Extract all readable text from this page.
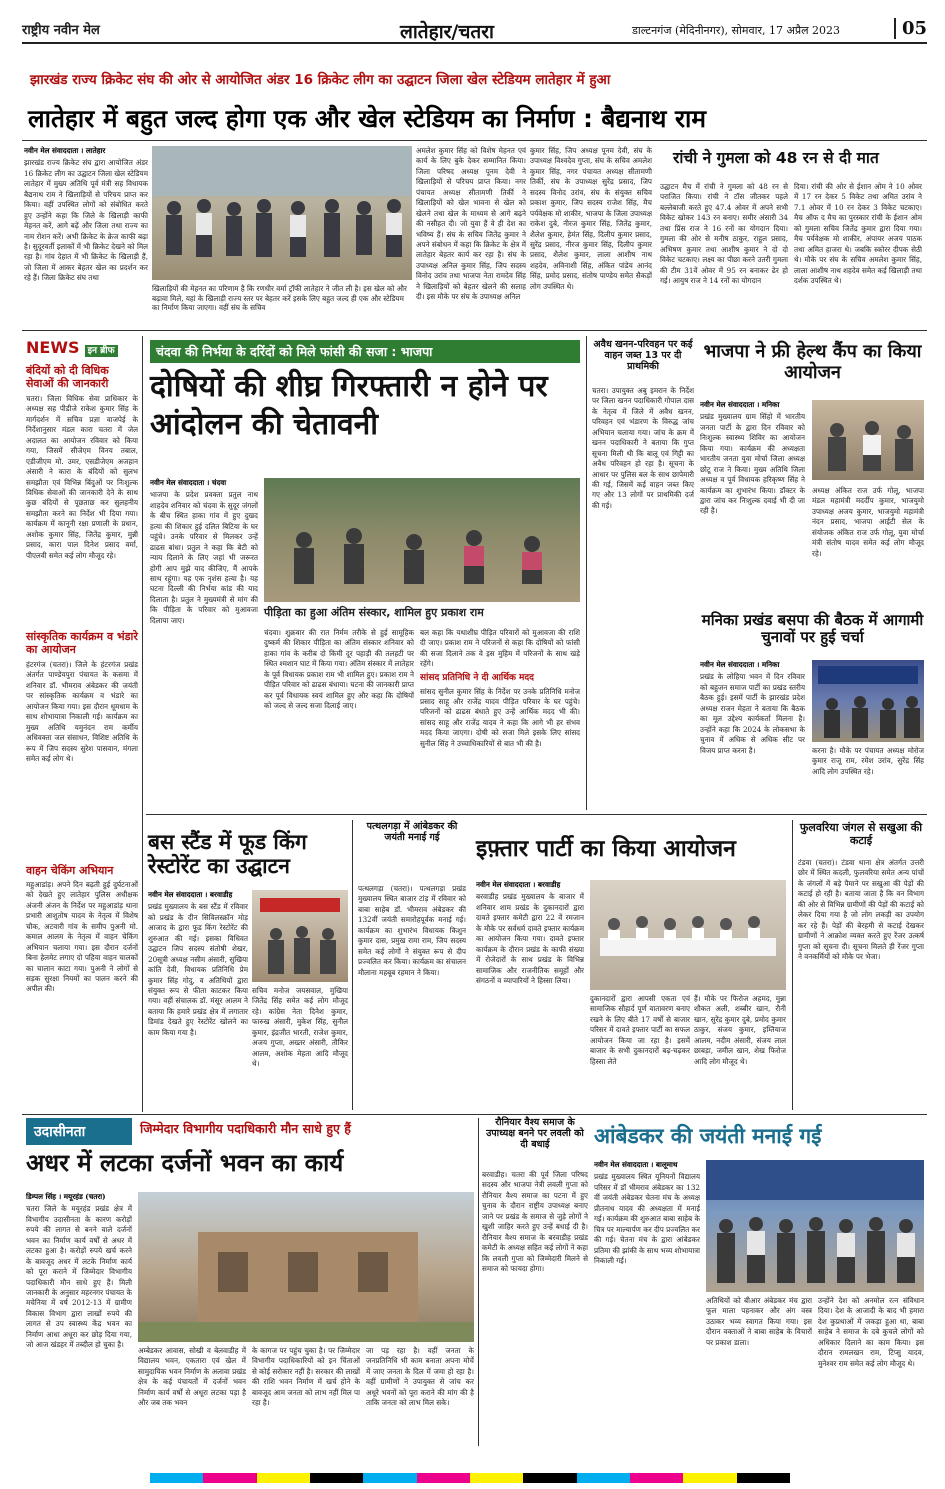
राष्ट्रीय नवीन मेल	लातेहार/चतरा	डाल्टनगंज (मेदिनीनगर), सोमवार, 17 अप्रैल 2023	05
झारखंड राज्य क्रिकेट संघ की ओर से आयोजित अंडर 16 क्रिकेट लीग का उद्घाटन जिला खेल स्टेडियम लातेहार में हुआ
लातेहार में बहुत जल्द होगा एक और खेल स्टेडियम का निर्माण : बैद्यनाथ राम

नवीन मेल संवाददाता । लातेहार

झारखंड राज्य क्रिकेट संघ द्वारा आयोजित अंडर 16 क्रिकेट लीग का उद्घाटन जिला खेल स्टेडियम लातेहार में मुख्य अतिथि पूर्व मंत्री सह विधायक बैद्यनाथ राम ने खिलाड़ियों से परिचय प्राप्त कर किया। वहीं उपस्थित लोगों को संबोधित करते हुए उन्होंने कहा कि जिले के खिलाड़ी काफी मेहनत करें, आगे बढ़ें और जिला तथा राज्य का नाम रोशन करें। अभी क्रिकेट के क्रेज काफी बढ़ा है। सुदूरवर्ती इलाकों में भी क्रिकेट देखने को मिल रहा है। गांव देहात में भी क्रिकेट के खिलाड़ी हैं, जो जिला में आकर बेहतर खेल का प्रदर्शन कर रहे हैं। जिला क्रिकेट संघ तथा

खिलाड़ियों की मेहनत का परिणाम है कि रणधीर वर्मा ट्रॉफी लातेहार ने जीत ली है। इस खेल को और बढ़ावा मिले, यहां के खिलाड़ी राज्य स्तर पर बेहतर करें इसके लिए बहुत जल्द ही एक और स्टेडियम का निर्माण किया जाएगा। वहीं संघ के सचिव
अमलेश कुमार सिंह को विशेष मेहनत एवं कार्य के लिए बुके देकर सम्मानित किया। जिला परिषद अध्यक्ष पूनम देवी ने खिलाड़ियों से परिचय प्राप्त किया। नगर पंचायत अध्यक्ष सीतामणी तिर्की ने खिलाड़ियों को खेल भावना से खेल को खेलने तथा खेल के माध्यम से आगे बढ़ने की नसीहत दी। जो युवा हैं वे ही देश का भविष्य हैं। संघ के सचिव जितेंद्र कुमार ने अपने संबोधन में कहा कि क्रिकेट के क्षेत्र में लातेहार बेहतर कार्य कर रहा है। संघ के उपाध्यक्ष अनिल कुमार सिंह, जिप सदस्य विनोद उरांव तथा भाजपा नेता रामदेव सिंह ने खिलाड़ियों को बेहतर खेलने की सलाह दी। इस मौके पर संघ के उपाध्यक्ष अनिल
कुमार सिंह, जिप अध्यक्ष पूनम देवी, संघ के उपाध्यक्ष विश्वदेव गुप्ता, संघ के सचिव अमलेश कुमार सिंह, नगर पंचायत अध्यक्ष सीतामणी तिर्की, संघ के उपाध्यक्ष सुरेंद्र प्रसाद, जिप सदस्य विनोद उरांव, संघ के संयुक्त सचिव प्रकाश कुमार, जिप सदस्य राजेश सिंह, मैच पर्यवेक्षक मो शाकीर, भाजपा के जिला उपाध्यक्ष राकेश दुबे, नीरज कुमार सिंह, जितेंद्र कुमार, शैलेश कुमार, हेमंत सिंह, दिलीप कुमार प्रसाद, सुरेंद्र प्रसाद, नीरज कुमार सिंह, दिलीप कुमार प्रसाद, शैलेश कुमार, लाला आशीष नाथ शहदेव, अविनाशी सिंह, अंकित पांडेय आनंद सिंह, प्रमोद प्रसाद, संतोष पाण्डेय समेत सैकड़ों लोग उपस्थित थे।
रांची ने गुमला को 48 रन से दी मात
उद्घाटन मैच में रांची ने गुमला को 48 रन से पराजित किया। रांची ने टॉस जीतकर पहले बल्लेबाजी करते हुए 47.4 ओवर में अपने सभी विकेट खोकर 143 रन बनाए। समीर अंसारी 34 तथा प्रिंस राज ने 16 रनों का योगदान दिया। गुमला की ओर से मनीष ठाकुर, राहुल प्रसाद, अभिषण कुमार तथा आशीष कुमार ने दो दो विकेट चटकाए। लक्ष्य का पीछा करने उतरी गुमला की टीम 31वें ओवर में 95 रन बनाकर ढेर हो गई। आयुष राज ने 14 रनों का योगदान
दिया। रांची की ओर से ईशान ओम ने 10 ओवर में 17 रन देकर 5 विकेट तथा अमित उरांव ने 7.1 ओवर में 10 रन देकर 3 विकेट चटकाए। मैच ऑफ द मैच का पुरस्कार रांची के ईशान ओम को गुमला सचिव जितेंद्र कुमार द्वारा दिया गया। मैच पर्यवेक्षक मो शाकीर, अंपायर अजय पाठक तथा अमित हाजरा थे। जबकि स्कोरर दीपक सेठी थे। मौके पर संघ के सचिव अमलेश कुमार सिंह, लाला आशीष नाथ शहदेव समेत कई खिलाड़ी तथा दर्शक उपस्थित थे।
NEWS इन ब्रीफ
बंदियों को दी विधिक सेवाओं की जानकारी
चतरा। जिला विधिक सेवा प्राधिकार के अध्यक्ष सह पीडीजे राकेश कुमार सिंह के मार्गदर्शन में सचिव प्रज्ञा वाजपेई के निर्देशानुसार मंडल कारा चतरा में जेल अदालत का आयोजन रविवार को किया गया, जिसमें सीजेएम विनय तबाल, एडीजीएम मो. उमर, एसडीजेएम अजहान अंसारी ने कारा के बंदियों को सुलभ समझौता एवं विभिन्न बिंदुओं पर निःशुल्क विधिक सेवाओं की जानकारी देने के साथ कुछ बंदियों से पूछताछ कर सुलहनीय समझौता करने का निर्देश भी दिया गया। कार्यक्रम में कानूनी रक्षा प्रणाली के प्रधान, अशोक कुमार सिंह, जितेंद्र कुमार, मुन्नी प्रसाद, कारा पाल दिनेश प्रसाद वर्मा, पीएलवी समेत कई लोग मौजूद रहे।
सांस्कृतिक कार्यक्रम व भंडारे का आयोजन
हंटरगंज (चतरा)। जिले के हंटरगंज प्रखंड अंतर्गत पाण्डेयपुरा पंचायत के कसमा में शनिवार डॉ. भीमराव अंबेडकर की जयंती पर सांस्कृतिक कार्यक्रम व भंडारे का आयोजन किया गया। इस दौरान धूमधाम के साथ शोभायात्रा निकाली गई। कार्यक्रम का मुख्य अतिथि यमुनंदन राम कर्मीय अधिवक्ता जल संसाधन, विशिष्ट अतिथि के रूप में जिप सदस्य सुरेश पासवान, मंगला समेत कई लोग थे।
वाहन चेकिंग अभियान
महुआडांड़। अपने दिन बढ़ती हुई दुर्घटनाओं को देखते हुए लातेहार पुलिस अधीक्षक अंजनी अंजन के निर्देश पर महुआडांड़ थाना प्रभारी आशुतोष यादव के नेतृत्व में विशेष चौक, अटवारी गांव के समीप पुअनी मो. कमाल आलम के नेतृत्व में वाहन चेकिंग अभियान चलाया गया। इस दौरान दर्जनों बिना हेलमेट लगाए दो पहिया वाहन चालकों का चालान काटा गया। पुअनी ने लोगों से सड़क सुरक्षा नियमों का पालन करने की अपील की।
चंदवा की निर्भया के दरिंदों को मिले फांसी की सजा : भाजपा
दोषियों की शीघ्र गिरफ्तारी न होने पर आंदोलन की चेतावनी

नवीन मेल संवाददाता । चंदवा

भाजपा के प्रदेश प्रवक्ता प्रतुल नाथ शाहदेव शनिवार को चंदवा के सुदूर जंगलों के बीच स्थित हाका गांव में हुए दुखद हत्या की शिकार हुई दलित बिटिया के घर पहुंचे। उनके परिवार से मिलकर उन्हें ढाढस बांधा। प्रतुल ने कहा कि बेटी को न्याय दिलाने के लिए जहां भी जरूरत होगी आप मुझे याद कीजिए, मैं आपके साथ रहूंगा। यह एक नृशंस हत्या है। यह घटना दिल्ली की निर्भया कांड की याद दिलाता है। प्रतुल ने मुख्यमंत्री से मांग की कि पीड़िता के परिवार को मुआवजा दिलाया जाए।

पीड़िता का हुआ अंतिम संस्कार, शामिल हुए प्रकाश राम
चंदवा। शुक्रवार की रात निर्मम तरीके से हुई सामूहिक दुष्कर्म की शिकार पीड़िता का अंतिम संस्कार शनिवार को हाका गांव के करीब दो किमी दूर पहाड़ी की तलहटी पर स्थित श्मशान घाट में किया गया। अंतिम संस्कार में लातेहार के पूर्व विधायक प्रकाश राम भी शामिल हुए। प्रकाश राम ने पीड़ित परिवार को ढाढस बंधाया। घटना की जानकारी प्राप्त कर पूर्व विधायक स्वयं शामिल हुए और कहा कि दोषियों को जल्द से जल्द सजा दिलाई जाए।

बल कहा कि यथाशीघ्र पीड़ित परिवारों को मुआवजा की राशि दी जाए। प्रकाश राम ने परिजनों से कहा कि दोषियों को फांसी की सजा दिलाने तक वे इस मुहिम में परिजनों के साथ खड़े रहेंगे।

सांसद प्रतिनिधि ने दी आर्थिक मदद

सांसद सुनील कुमार सिंह के निर्देश पर उनके प्रतिनिधि मनोज प्रसाद साहू और राजेंद्र यादव पीड़ित परिवार के घर पहुंचे। परिजनों को ढाढस बंधाते हुए उन्हें आर्थिक मदद भी की। सांसद साहू और राजेंद्र यादव ने कहा कि आगे भी हर संभव मदद किया जाएगा। दोषी को सजा मिले इसके लिए सांसद सुनील सिंह ने उच्चाधिकारियों से बात भी की है।

अवैध खनन-परिवहन पर कई वाहन जब्त 13 पर दी प्राथमिकी
चतरा। उपायुक्त अबु इमरान के निर्देश पर जिला खनन पदाधिकारी गोपाल दास के नेतृत्व में जिले में अवैध खनन, परिवहन एवं भंडारण के विरुद्ध जांच अभियान चलाया गया। जांच के क्रम में खनन पदाधिकारी ने बताया कि गुप्त सूचना मिली थी कि बालू एवं गिट्टी का अवैध परिवहन हो रहा है। सूचना के आधार पर पुलिस बल के साथ छापेमारी की गई, जिसमें कई वाहन जब्त किए गए और 13 लोगों पर प्राथमिकी दर्ज की गई।
भाजपा ने फ्री हेल्थ कैंप का किया आयोजन

नवीन मेल संवाददाता । मनिका

प्रखंड मुख्यालय ग्राम सिंहो में भारतीय जनता पार्टी के द्वारा दिन रविवार को निःशुल्क स्वास्थ्य शिविर का आयोजन किया गया। कार्यक्रम की अध्यक्षता भारतीय जनता युवा मोर्चा जिला अध्यक्ष छोटू राज ने किया। मुख्य अतिथि जिला अध्यक्ष व पूर्व विधायक हरिकृष्ण सिंह ने कार्यक्रम का शुभारंभ किया। डॉक्टर के द्वारा जांच कर निःशुल्क दवाई भी दी जा रही है।

अध्यक्ष अंकित राज उर्फ गोलू, भाजपा मंडल महामंत्री मदर्दीप कुमार, भाजयुमो उपाध्यक्ष अजय कुमार, भाजयुमो महामंत्री नंदन प्रसाद, भाजपा आईटी सेल के संयोजक अंकित राज उर्फ गोलू, युवा मोर्चा मंत्री संतोष यादव समेत कई लोग मौजूद रहे।
मनिका प्रखंड बसपा की बैठक में आगामी चुनावों पर हुई चर्चा

नवीन मेल संवाददाता । मनिका

प्रखंड के लोहिया भवन में दिन रविवार को बहुजन समाज पार्टी का प्रखंड स्तरीय बैठक हुई। इसमें पार्टी के झारखंड प्रदेश अध्यक्ष राजन मेहता ने बताया कि बैठक का मूल उद्देश्य कार्यकर्ता मिलना है। उन्होंने कहा कि 2024 के लोकसभा के चुनाव में अधिक से अधिक सीट पर विजय प्राप्त करना है।	करना है। मौके पर पंचायत अध्यक्ष मोरोज कुमार राजू राम, रमेश उरांव, सुरेंद्र सिंह आदि लोग उपस्थित रहे।
बस स्टैंड में फूड किंग रेस्टोरेंट का उद्घाटन

नवीन मेल संवाददाता । बरवाडीह

प्रखंड मुख्यालय के बस स्टैंड में रविवार को प्रखंड के दीन सिविलस्क्रॉन मोड़ आजाद के द्वारा फूड किंग रेस्टोरेंट की शुरुआत की गई। इसका विधिवत उद्घाटन जिप सदस्य संतोषी शेखर, 20सूत्री अध्यक्ष नसीम अंसारी, सुखिया कांति देवी, विधायक प्रतिनिधि प्रेम कुमार सिंह गोदु, व अतिथियों द्वारा संयुक्त रूप से फीता काटकर किया गया। वहीं संचालक डॉ. मंसूर आलम ने बताया कि हमारे प्रखंड क्षेत्र में लगातार डिमांड देखते हुए रेस्टोरेंट खोलने का काम किया गया है।

सचिव मनोज जयसवाल, मुखिया जितेंद्र सिंह समेत कई लोग मौजूद रहे। कांग्रेस नेता दिनेश कुमार, फारुख अंसारी, मुकेश सिंह, सुनील कुमार, इंद्रजीत भारती, राजेश कुमार, अजय गुप्ता, अख्तर अंसारी, तौकिर आलम, अशोक मेहता आदि मौजूद थे।
पत्थलगड़ा में आंबेडकर की जयंती मनाई गई
पत्थलगड़ा (चतरा)। पत्थलगड़ा प्रखंड मुख्यालय स्थित बाजार टांड़ में रविवार को बाबा साहेब डॉ. भीमराव अंबेडकर की 132वीं जयंती समारोहपूर्वक मनाई गई। कार्यक्रम का शुभारंभ विधायक किशुन कुमार दास, प्रमुख रामा राम, जिप सदस्य समेत कई लोगों ने संयुक्त रूप से दीप प्रज्वलित कर किया। कार्यक्रम का संचालन मौलाना महबूब रहमान ने किया।
इफ़्तार पार्टी का किया आयोजन

नवीन मेल संवाददाता । बरवाडीह

बरवाडीह प्रखंड मुख्यालय के बाजार में शनिवार शाम प्रखंड के दुकानदारों द्वारा दावते इफ्तार कमेटी द्वारा 22 वें रमजान के मौके पर सर्वधर्म दावते इफ्तार कार्यक्रम का आयोजन किया गया। दावते इफ्तार कार्यक्रम के दौरान प्रखंड के काफी संख्या में रोजेदारों के साथ प्रखंड के विभिन्न सामाजिक और राजनीतिक समूहों और संगठनों व व्यापारियों ने हिस्सा लिया।

दुकानदारों द्वारा आपसी एकता एवं सामाजिक सौहार्द पूर्ण वातावरण बनाए रखने के लिए बीते 17 वर्षों से बाजार परिसर में दावते इफ्तार पार्टी का सफल आयोजन किया जा रहा है। इसमें बाजार के सभी दुकानदारों बढ़-चढ़कर हिस्सा लेते
हैं। मौके पर फिरोज अहमद, मुन्ना शौकत अली, शब्बीर खान, रौनी खान, सुरेंद्र कुमार दुबे, प्रमोद कुमार ठाकुर, संजय कुमार, इम्तियाज आलम, नदीम अंसारी, संजय लाल छाबड़ा, जमील खान, शेख फिरोज आदि लोग मौजूद थे।
फुलवरिया जंगल से सखुआ की कटाई
टंडवा (चतरा)। टंडवा थाना क्षेत्र अंतर्गत उत्तरी छोर में स्थित कदली, फुलवरिया समेत अन्य पांचों के जंगलों में बड़े पैमाने पर सखुआ की पेड़ों की कटाई हो रही है। बताया जाता है कि वन विभाग की ओर से विभिन्न ग्रामीणों की पेड़ों की कटाई को लेकर दिया गया है जो लोग लकड़ी का उपयोग कर रहे हैं। पेड़ों की बेरहमी से कटाई देखकर ग्रामीणों ने आक्रोश व्यक्त करते हुए रेंजर उत्कर्ष गुप्ता को सूचना दी। सूचना मिलते ही रेंजर गुप्ता ने वनकर्मियों को मौके पर भेजा।
उदासीनता	जिम्मेदार विभागीय पदाधिकारी मौन साधे हुए हैं
अधर में लटका दर्जनों भवन का कार्य

डिम्पल सिंह । मयूरहंड (चतरा)

चतरा जिले के मयूरहंड प्रखंड क्षेत्र में विभागीय उदासीनता के कारण करोड़ों रुपये की लागत से बनने वाले दर्जनों भवन का निर्माण कार्य वर्षों से अधर में लटका हुआ है। करोड़ों रुपये खर्च करने के बावजूद अधर में लटके निर्माण कार्य को पूरा कराने में जिम्मेदार विभागीय पदाधिकारी मौन साधे हुए हैं। मिली जानकारी के अनुसार महरनगर पंचायत के मचेनिया में वर्ष 2012-13 में ग्रामीण विकास विभाग द्वारा लाखों रुपये की लागत से उप स्वास्थ्य केंद्र भवन का निर्माण आधा अधूरा कर छोड़ दिया गया, जो आज खंडहर में तब्दील हो चुका है।

अम्बेडकर आवास, सोखी व बेलवाडीह में विद्यालय भवन, एकतारा एवं खेल में सामुदायिक भवन निर्माण के अलावा प्रखंड क्षेत्र के कई पंचायतों में दर्जनों भवन निर्माण कार्य वर्षों से अधूरा लटका पड़ा है और जब तक भवन
के कागज पर पहुंच चुका है। पर जिम्मेदार विभागीय पदाधिकारियों को इन चिंताओं से कोई सरोकार नहीं है। सरकार की लाखों की राशि भवन निर्माण में खर्च होने के बावजूद आम जनता को लाभ नहीं मिल पा रहा है।
जा पड़ रहा है। वहीं जनता के जनप्रतिनिधि भी काम बनाता अपना मोर्चे में जाए जनता के दिल में जमा हो रहा है। वहीं ग्रामीणों ने उपायुक्त से जांच कर अधूरे भवनों को पूरा कराने की मांग की है ताकि जनता को लाभ मिल सके।
रौनियार वैश्य समाज के उपाध्यक्ष बनने पर लवली को दी बधाई
बरवाडीह। चतरा की पूर्व जिला परिषद सदस्य और भाजपा नेत्री लवली गुप्ता को रौनियार वैश्य समाज का पटना में हुए चुनाव के दौरान राष्ट्रीय उपाध्यक्ष बनाए जाने पर प्रखंड के समाज से जुड़े लोगों ने खुशी जाहिर करते हुए उन्हें बधाई दी है। रौनियार वैश्य समाज के बरवाडीह प्रखंड कमेटी के अध्यक्ष सहित कई लोगों ने कहा कि लवली गुप्ता को जिम्मेदारी मिलने से समाज को फायदा होगा।
आंबेडकर की जयंती मनाई गई

नवीन मेल संवाददाता । बालूमाथ

प्रखंड मुख्यालय स्थित यूनियनों विद्यालय परिसर में डॉ भीमराव अंबेडकर का 132 वीं जयंती अंबेडकर चेतना मंच के अध्यक्ष प्रीतनाथ यादव की अध्यक्षता में मनाई गई। कार्यक्रम की शुरुआत बाबा साहेब के चित्र पर माल्यार्पण कर दीप प्रज्वलित कर की गई। चेतना मंच के द्वारा आंबेडकर प्रतिमा की झांकी के साथ भव्य शोभायात्रा निकाली गई।

अतिथियों को बीआर अंबेडकर मंच द्वारा फूल माला पहनाकर और अंग वस्त्र उठाकर भव्य स्वागत किया गया। इस दौरान वक्ताओं ने बाबा साहेब के विचारों पर प्रकाश डाला।
उन्होंने देश को अनमोल रत्न संविधान दिया। देश के आजादी के बाद भी हमारा देश कुप्रथाओं में जकड़ा हुआ था, बाबा साहेब ने समाज के दबे कुचले लोगों को अधिकार दिलाने का काम किया। इस दौरान रामलखन राम, टिप्सु यादव, मुनेश्वर राम समेत कई लोग मौजूद थे।
